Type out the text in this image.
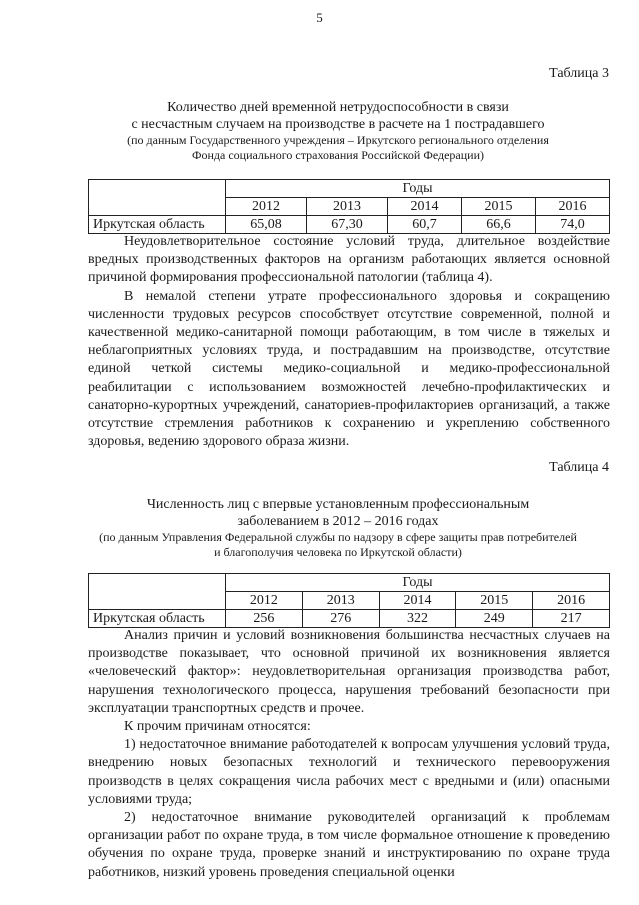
5
Таблица 3
Количество дней временной нетрудоспособности в связи
с несчастным случаем на производстве в расчете на 1 пострадавшего
(по данным Государственного учреждения – Иркутского регионального отделения
Фонда социального страхования Российской Федерации)
	Годы				
	2012	2013	2014	2015	2016
Иркутская область	65,08	67,30	60,7	66,6	74,0

Неудовлетворительное состояние условий труда, длительное воздействие вредных производственных факторов на организм работающих является основной причиной формирования профессиональной патологии (таблица 4).

В немалой степени утрате профессионального здоровья и сокращению численности трудовых ресурсов способствует отсутствие современной, полной и качественной медико-санитарной помощи работающим, в том числе в тяжелых и неблагоприятных условиях труда, и пострадавшим на производстве, отсутствие единой четкой системы медико-социальной и медико-профессиональной реабилитации с использованием возможностей лечебно-профилактических и санаторно-курортных учреждений, санаториев-профилакториев организаций, а также отсутствие стремления работников к сохранению и укреплению собственного здоровья, ведению здорового образа жизни.

Таблица 4
Численность лиц с впервые установленным профессиональным
заболеванием в 2012 – 2016 годах
(по данным Управления Федеральной службы по надзору в сфере защиты прав потребителей
и благополучия человека по Иркутской области)
	Годы				
	2012	2013	2014	2015	2016
Иркутская область	256	276	322	249	217

Анализ причин и условий возникновения большинства несчастных случаев на производстве показывает, что основной причиной их возникновения является «человеческий фактор»: неудовлетворительная организация производства работ, нарушения технологического процесса, нарушения требований безопасности при эксплуатации транспортных средств и прочее.

К прочим причинам относятся:

1) недостаточное внимание работодателей к вопросам улучшения условий труда, внедрению новых безопасных технологий и технического перевооружения производств в целях сокращения числа рабочих мест с вредными и (или) опасными условиями труда;

2) недостаточное внимание руководителей организаций к проблемам организации работ по охране труда, в том числе формальное отношение к проведению обучения по охране труда, проверке знаний и инструктированию по охране труда работников, низкий уровень проведения специальной оценки
